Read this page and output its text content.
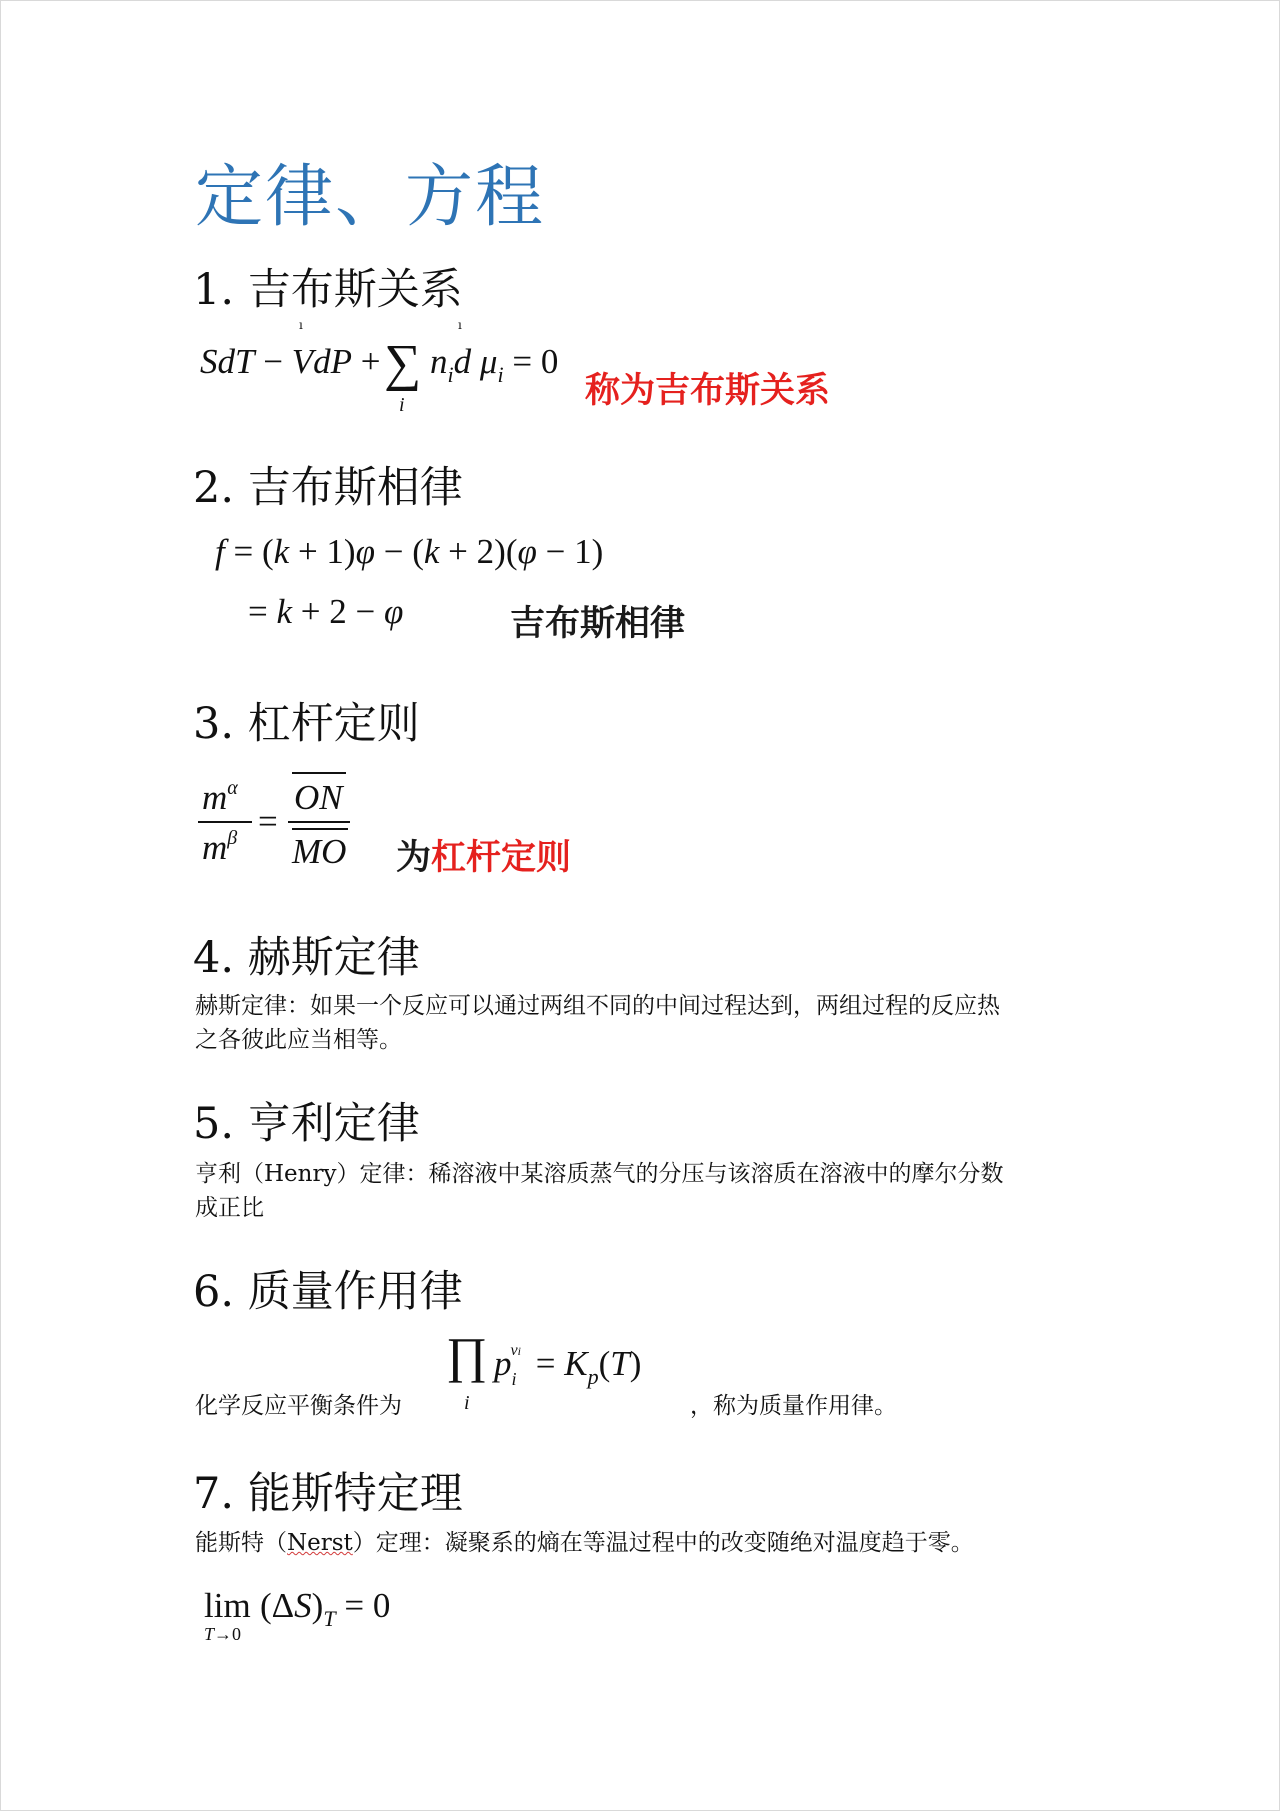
定律、方程
1. 吉布斯关系
ı	ı
SdT − VdP + ∑
i
$n_id$ $\mu_i = 0$
称为吉布斯关系
2. 吉布斯相律
f = (k + 1)φ − (k + 2)(φ − 1)
= k + 2 − φ	吉布斯相律
3. 杠杆定则
$m^\alpha$
$m^\beta$ =
ON
MO 为杠杆定则
4. 赫斯定律
赫斯定律：如果一个反应可以通过两组不同的中间过程达到，两组过程的反应热
之各彼此应当相等。
5. 亨利定律
亨利（Henry）定律：稀溶液中某溶质蒸气的分压与该溶质在溶液中的摩尔分数
成正比
6. 质量作用律
化学反应平衡条件为
∏
i
$p_i^{vi} = K_p(T)$
，称为质量作用律。
7. 能斯特定理
能斯特（Nerst）定理：凝聚系的熵在等温过程中的改变随绝对温度趋于零。
lim
T→0
$(\Delta S)_T = 0$
